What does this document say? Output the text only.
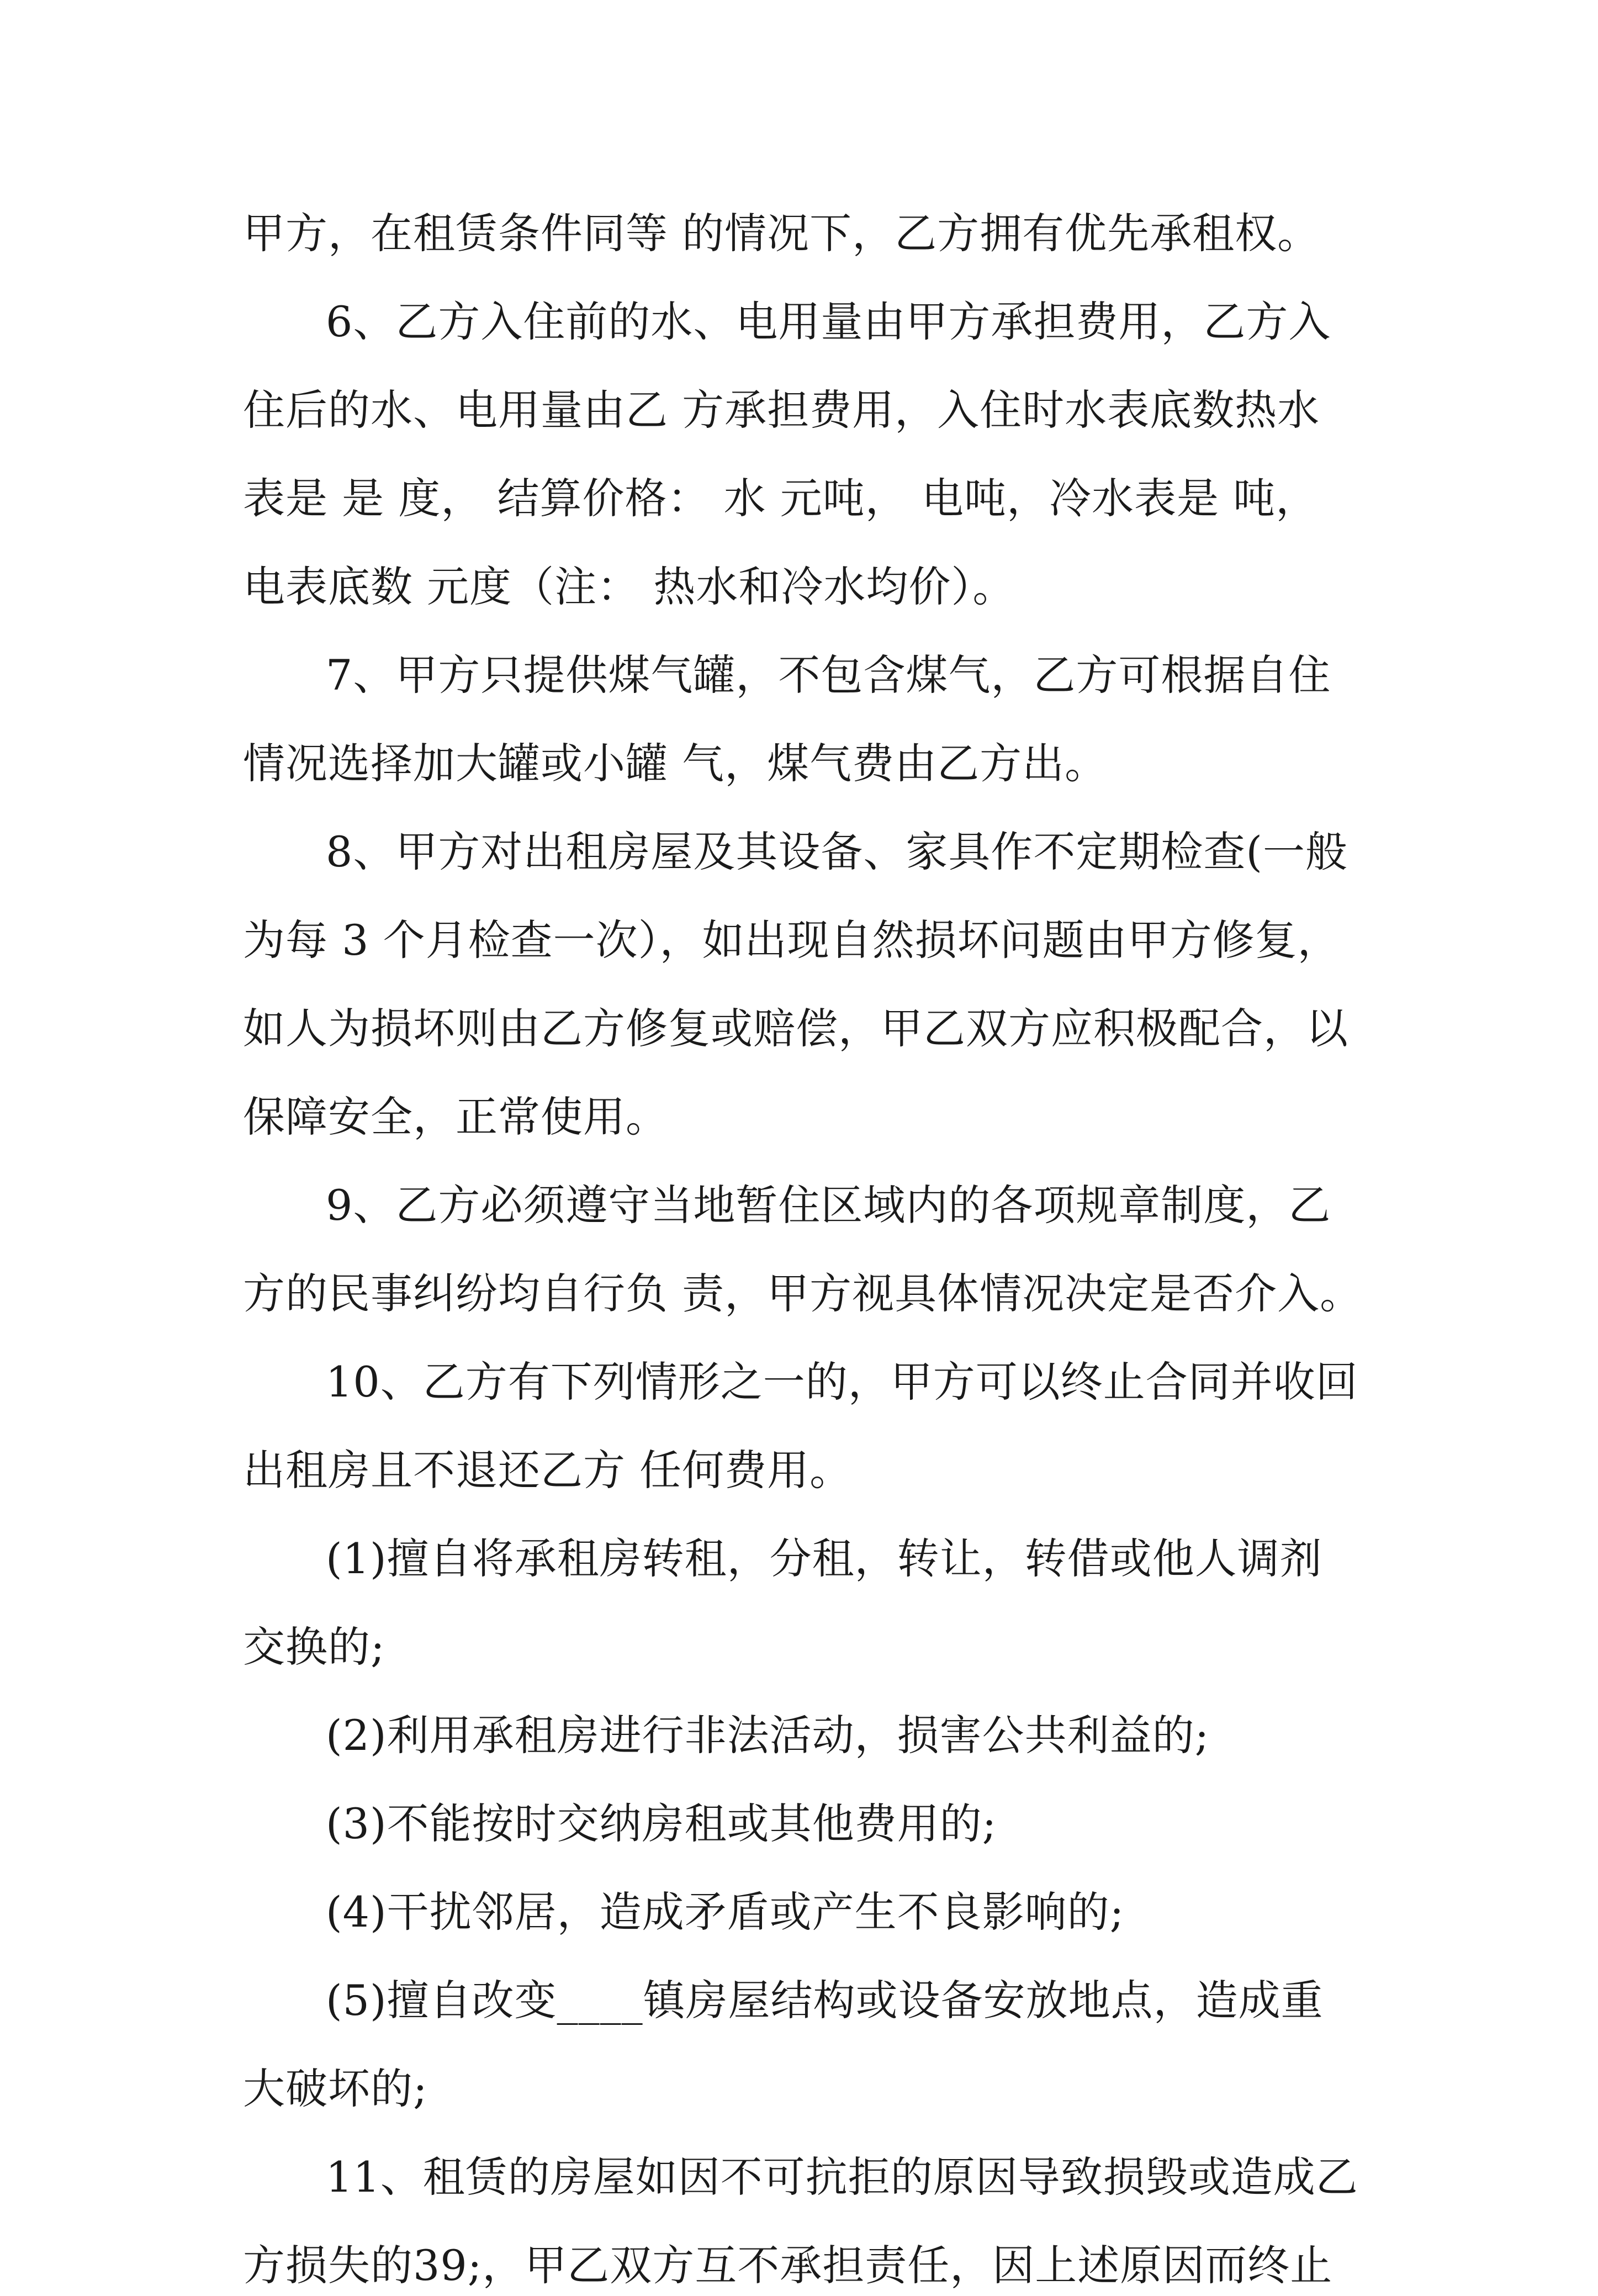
甲方，在租赁条件同等 的情况下，乙方拥有优先承租权。
6、乙方入住前的水、电用量由甲方承担费用，乙方入
住后的水、电用量由乙 方承担费用，入住时水表底数热水
表是 是 度， 结算价格： 水 元吨， 电吨，冷水表是 吨，
电表底数 元度（注： 热水和冷水均价）。
7、甲方只提供煤气罐，不包含煤气，乙方可根据自住
情况选择加大罐或小罐 气，煤气费由乙方出。
8、甲方对出租房屋及其设备、家具作不定期检查(一般
为每 3 个月检查一次），如出现自然损坏问题由甲方修复，
如人为损坏则由乙方修复或赔偿，甲乙双方应积极配合，以
保障安全，正常使用。
9、乙方必须遵守当地暂住区域内的各项规章制度，乙
方的民事纠纷均自行负 责，甲方视具体情况决定是否介入。
10、乙方有下列情形之一的，甲方可以终止合同并收回
出租房且不退还乙方 任何费用。
(1)擅自将承租房转租，分租，转让，转借或他人调剂
交换的;
(2)利用承租房进行非法活动，损害公共利益的;
(3)不能按时交纳房租或其他费用的;
(4)干扰邻居，造成矛盾或产生不良影响的;
(5)擅自改变____镇房屋结构或设备安放地点，造成重
大破坏的;
11、租赁的房屋如因不可抗拒的原因导致损毁或造成乙
方损失的39;，甲乙双方互不承担责任，因上述原因而终止
